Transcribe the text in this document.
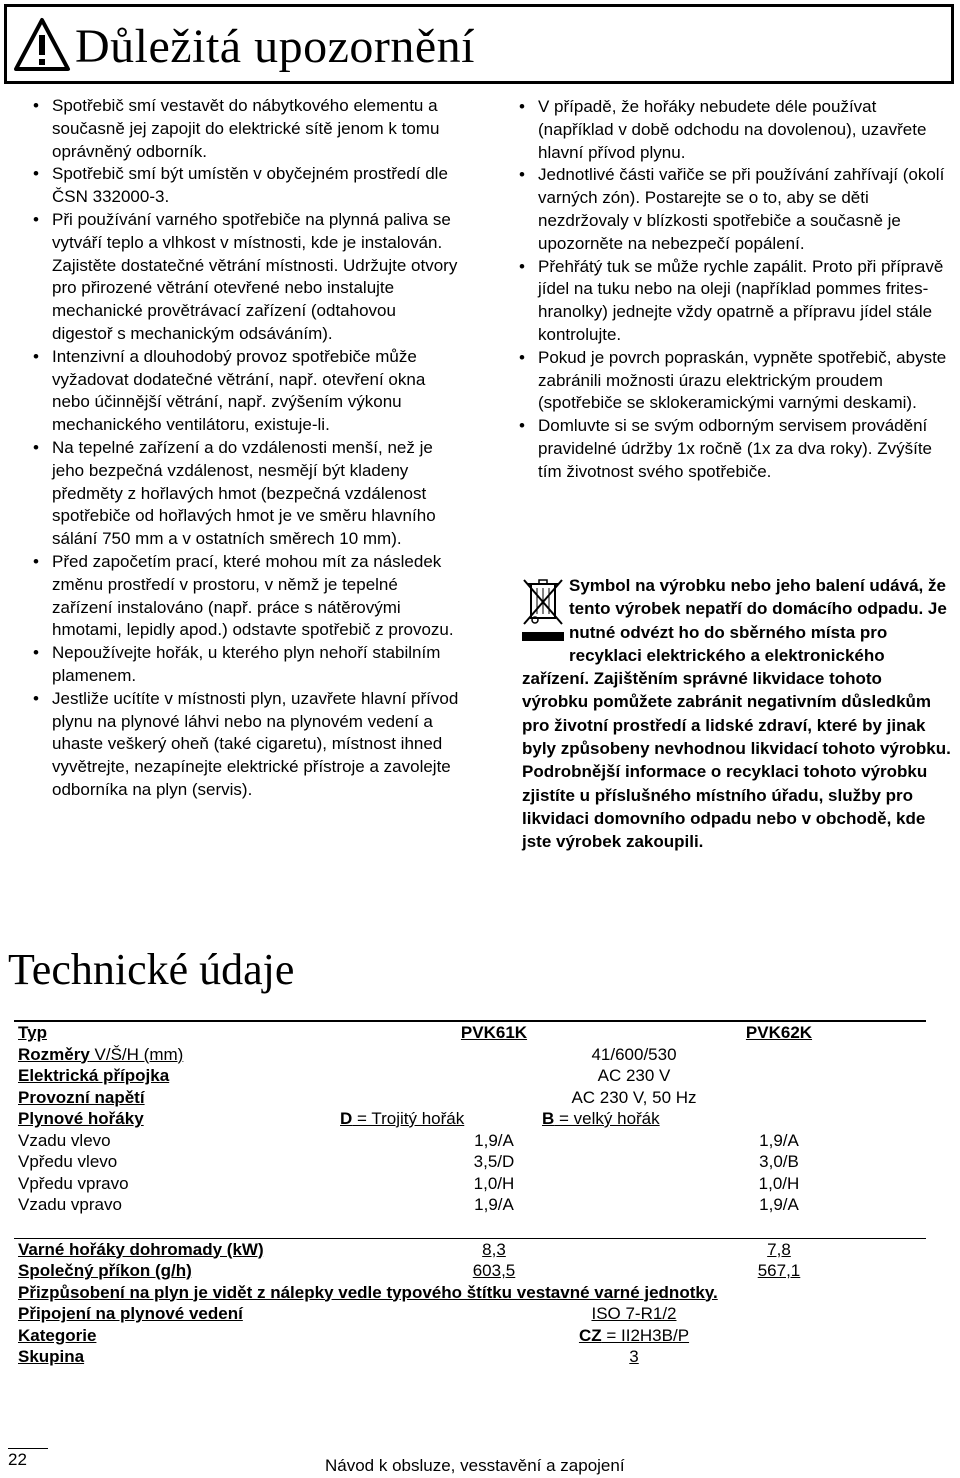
Důležitá upozornění
• Spotřebič smí vestavět do nábytkového elementu a současně jej zapojit do elektrické sítě jenom k tomu oprávněný odborník.
• Spotřebič smí být umístěn v obyčejném prostředí dle ČSN 332000-3.
• Při používání varného spotřebiče na plynná paliva se vytváří teplo a vlhkost v místnosti, kde je instalován. Zajistěte dostatečné větrání místnosti. Udržujte otvory pro přirozené větrání otevřené nebo instalujte mechanické provětrávací zařízení (odtahovou digestoř s mechanickým odsáváním).
• Intenzivní a dlouhodobý provoz spotřebiče může vyžadovat dodatečné větrání, např. otevření okna nebo účinnější větrání, např. zvýšením výkonu mechanického ventilátoru, existuje-li.
• Na tepelné zařízení a do vzdálenosti menší, než je jeho bezpečná vzdálenost, nesmějí být kladeny předměty z hořlavých hmot (bezpečná vzdálenost spotřebiče od hořlavých hmot je ve směru hlavního sálání 750 mm a v ostatních směrech 10 mm).
• Před započetím prací, které mohou mít za následek změnu prostředí v prostoru, v němž je tepelné zařízení instalováno (např. práce s nátěrovými hmotami, lepidly apod.) odstavte spotřebič z provozu.
• Nepoužívejte hořák, u kterého plyn nehoří stabilním plamenem.
• Jestliže ucítíte v místnosti plyn, uzavřete hlavní přívod plynu na plynové láhvi nebo na plynovém vedení a uhaste veškerý oheň (také cigaretu), místnost ihned vyvětrejte, nezapínejte elektrické přístroje a zavolejte odborníka na plyn (servis).
• V případě, že hořáky nebudete déle používat (například v době odchodu na dovolenou), uzavřete hlavní přívod plynu.
• Jednotlivé části vařiče se při používání zahřívají (okolí varných zón). Postarejte se o to, aby se děti nezdržovaly v blízkosti spotřebiče a současně je upozorněte na nebezpečí popálení.
• Přehřátý tuk se může rychle zapálit. Proto při přípravě jídel na tuku nebo na oleji (například pommes frites-hranolky) jednejte vždy opatrně a přípravu jídel stále kontrolujte.
• Pokud je povrch popraskán, vypněte spotřebič, abyste zabránili možnosti úrazu elektrickým proudem (spotřebiče se sklokeramickými varnými deskami).
• Domluvte si se svým odborným servisem provádění pravidelné údržby 1x ročně (1x za dva roky). Zvýšíte tím životnost svého spotřebiče.
Symbol na výrobku nebo jeho balení udává, že tento výrobek nepatří do domácího odpadu. Je nutné odvézt ho do sběrného místa pro recyklaci elektrického a elektronického zařízení. Zajištěním správné likvidace tohoto výrobku pomůžete zabránit negativním důsledkům pro životní prostředí a lidské zdraví, které by jinak byly způsobeny nevhodnou likvidací tohoto výrobku. Podrobnější informace o recyklaci tohoto výrobku zjistíte u příslušného místního úřadu, služby pro likvidaci domovního odpadu nebo v obchodě, kde jste výrobek zakoupili.
Technické údaje
Typ	PVK61K	PVK62K
Rozměry V/Š/H (mm)	41/600/530
Elektrická přípojka	AC 230 V
Provozní napětí	AC 230 V, 50 Hz
Plynové hořáky	D = Trojitý hořák	B = velký hořák
Vzadu vlevo	1,9/A	1,9/A
Vpředu vlevo	3,5/D	3,0/B
Vpředu vpravo	1,0/H	1,0/H
Vzadu vpravo	1,9/A	1,9/A
Varné hořáky dohromady (kW)	8,3	7,8
Společný příkon (g/h)	603,5	567,1
Přizpůsobení na plyn je vidět z nálepky vedle typového štítku vestavné varné jednotky.
Připojení na plynové vedení	ISO 7-R1/2
Kategorie	CZ = II2H3B/P
Skupina	3
22	Návod k obsluze, vesstavění a zapojení
